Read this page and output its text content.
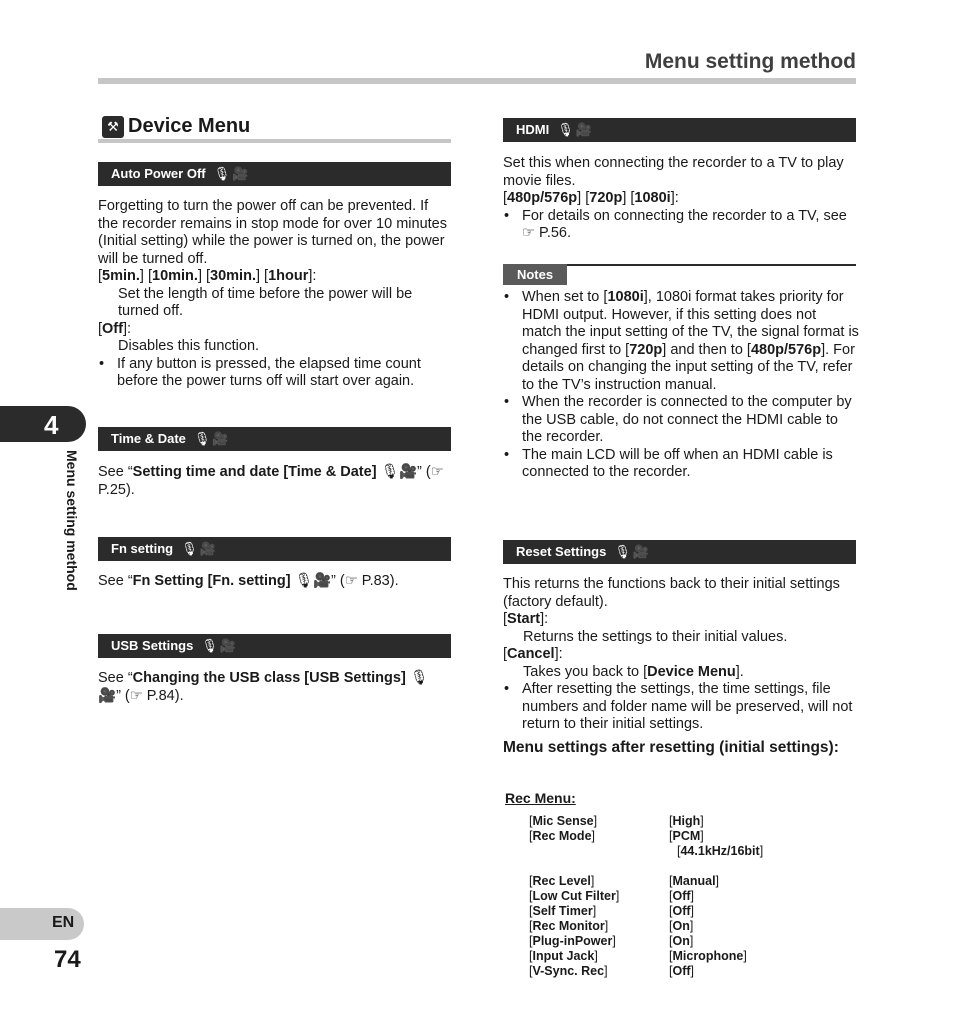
Menu setting method
4
Menu setting method
EN
74
⚒ Device Menu
Auto Power Off 🎙🎥

Forgetting to turn the power off can be prevented. If the recorder remains in stop mode for over 10 minutes (Initial setting) while the power is turned on, the power will be turned off.

[5min.] [10min.] [30min.] [1hour]:

Set the length of time before the power will be turned off.

[Off]:

Disables this function.

• If any button is pressed, the elapsed time count before the power turns off will start over again.

Time & Date 🎙🎥
See “Setting time and date [Time & Date] 🎙🎥” (☞ P.25).
Fn setting 🎙🎥
See “Fn Setting [Fn. setting] 🎙🎥” (☞ P.83).
USB Settings 🎙🎥
See “Changing the USB class [USB Settings] 🎙🎥” (☞ P.84).
HDMI 🎙🎥

Set this when connecting the recorder to a TV to play movie files.

[480p/576p] [720p] [1080i]:

• For details on connecting the recorder to a TV, see ☞ P.56.

Notes

• When set to [1080i], 1080i format takes priority for HDMI output. However, if this setting does not match the input setting of the TV, the signal format is changed first to [720p] and then to [480p/576p]. For details on changing the input setting of the TV, refer to the TV’s instruction manual.

• When the recorder is connected to the computer by the USB cable, do not connect the HDMI cable to the recorder.

• The main LCD will be off when an HDMI cable is connected to the recorder.

Reset Settings 🎙🎥

This returns the functions back to their initial settings (factory default).

[Start]:

Returns the settings to their initial values.

[Cancel]:

Takes you back to [Device Menu].

• After resetting the settings, the time settings, file numbers and folder name will be preserved, will not return to their initial settings.

Menu settings after resetting (initial settings):
Rec Menu:
[Mic Sense]	[High]
[Rec Mode]	[PCM]
[44.1kHz/16bit]
[Rec Level]	[Manual]
[Low Cut Filter]	[Off]
[Self Timer]	[Off]
[Rec Monitor]	[On]
[Plug-inPower]	[On]
[Input Jack]	[Microphone]
[V-Sync. Rec]	[Off]
